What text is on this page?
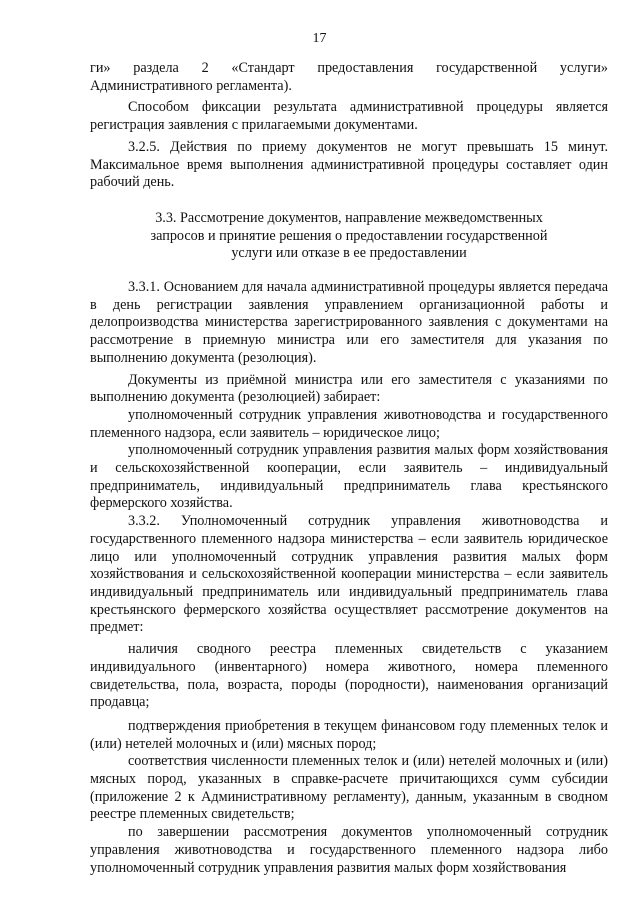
17

ги» раздела 2 «Стандарт предоставления государственной услуги» Административного регламента).

Способом фиксации результата административной процедуры является регистрация заявления с прилагаемыми документами.

3.2.5. Действия по приему документов не могут превышать 15 минут. Максимальное время выполнения административной процедуры составляет один рабочий день.

3.3. Рассмотрение документов, направление межведомственных
запросов и принятие решения о предоставлении государственной
услуги или отказе в ее предоставлении

3.3.1. Основанием для начала административной процедуры является передача в день регистрации заявления управлением организационной работы и делопроизводства министерства зарегистрированного заявления с документами на рассмотрение в приемную министра или его заместителя для указания по выполнению документа (резолюция).

Документы из приёмной министра или его заместителя с указаниями по выполнению документа (резолюцией) забирает:

уполномоченный сотрудник управления животноводства и государственного племенного надзора, если заявитель – юридическое лицо;

уполномоченный сотрудник управления развития малых форм хозяйствования и сельскохозяйственной кооперации, если заявитель – индивидуальный предприниматель, индивидуальный предприниматель глава крестьянского фермерского хозяйства.

3.3.2. Уполномоченный сотрудник управления животноводства и государственного племенного надзора министерства – если заявитель юридическое лицо или уполномоченный сотрудник управления развития малых форм хозяйствования и сельскохозяйственной кооперации министерства – если заявитель индивидуальный предприниматель или индивидуальный предприниматель глава крестьянского фермерского хозяйства осуществляет рассмотрение документов на предмет:

наличия сводного реестра племенных свидетельств с указанием индивидуального (инвентарного) номера животного, номера племенного свидетельства, пола, возраста, породы (породности), наименования организаций продавца;

подтверждения приобретения в текущем финансовом году племенных телок и (или) нетелей молочных и (или) мясных пород;

соответствия численности племенных телок и (или) нетелей молочных и (или) мясных пород, указанных в справке-расчете причитающихся сумм субсидии (приложение 2 к Административному регламенту), данным, указанным в сводном реестре племенных свидетельств;

по завершении рассмотрения документов уполномоченный сотрудник управления животноводства и государственного племенного надзора либо уполномоченный сотрудник управления развития малых форм хозяйствования
